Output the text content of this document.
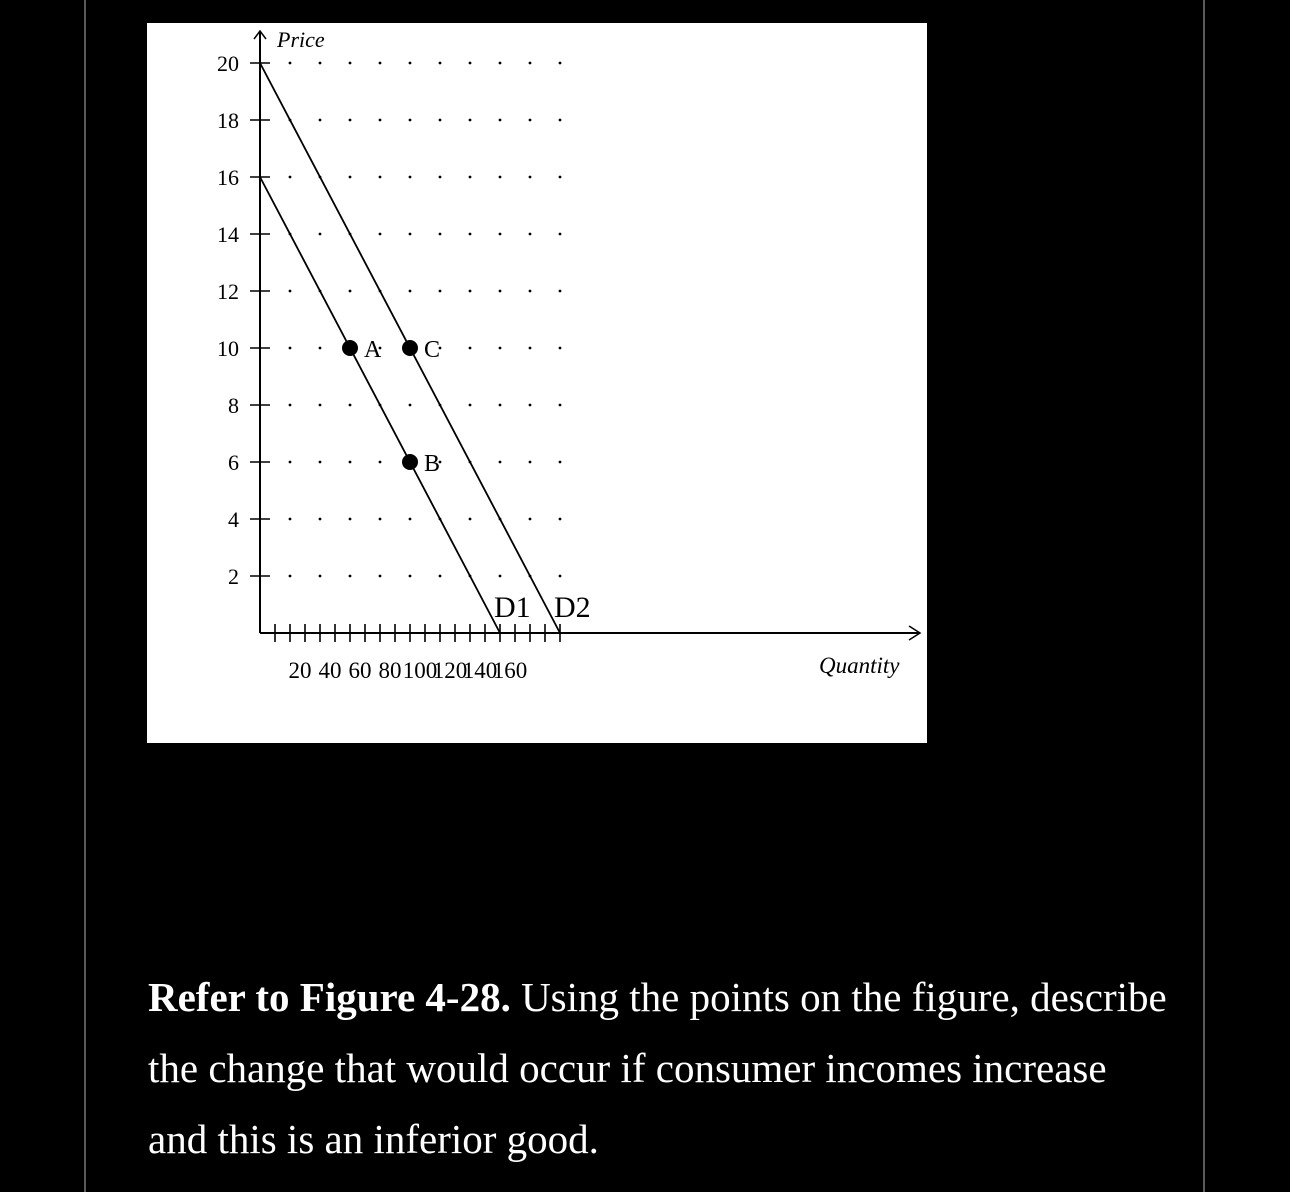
2
4
6
8
10
12
14
16
18
20
20 40 60 80 100
120
140
160
Price
Quantity
D1 D2
A C
B
Refer to Figure 4-28. Using the points on the figure, describe the change that would occur if consumer incomes increase and this is an inferior good.
